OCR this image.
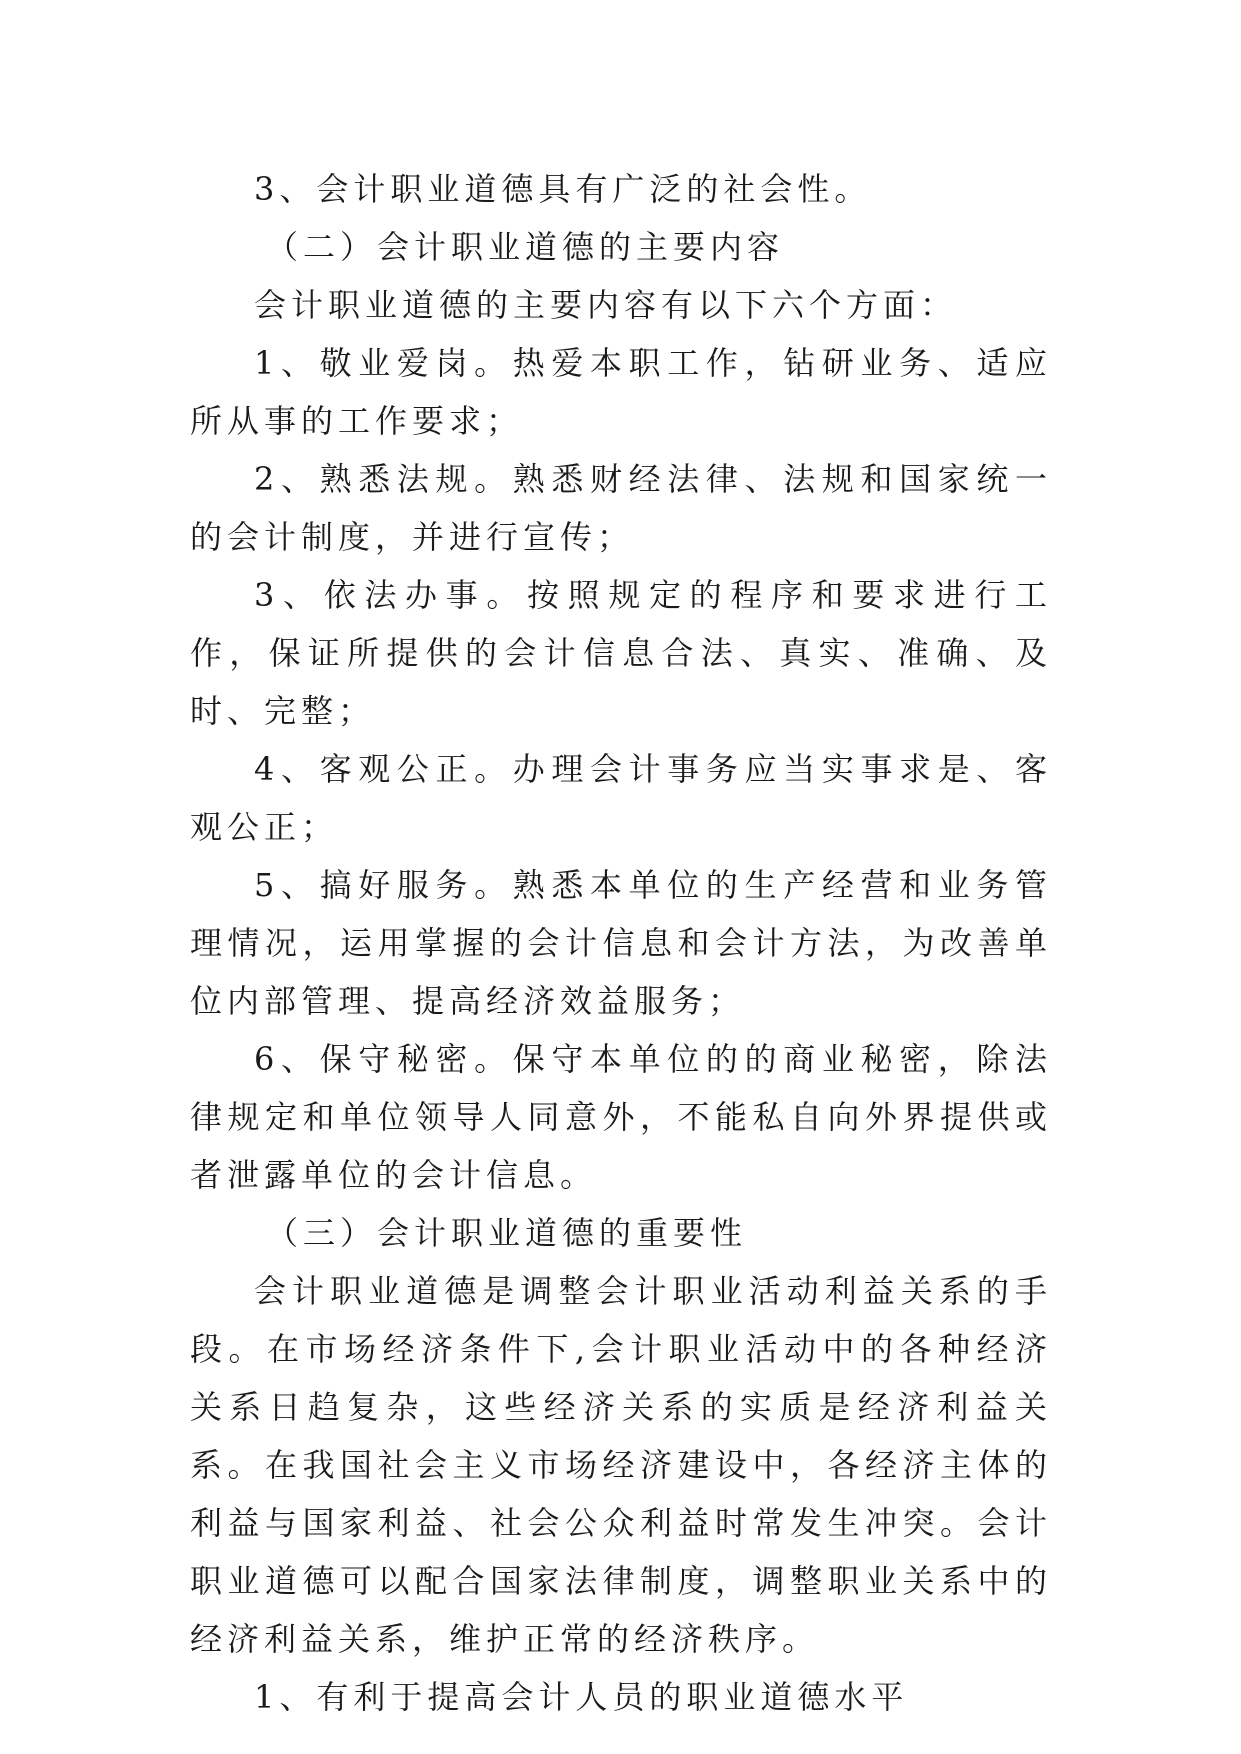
3、会计职业道德具有广泛的社会性。

（二）会计职业道德的主要内容

会计职业道德的主要内容有以下六个方面：

1、敬业爱岗。热爱本职工作，钻研业务、适应所从事的工作要求；

2、熟悉法规。熟悉财经法律、法规和国家统一的会计制度，并进行宣传；

3、依法办事。按照规定的程序和要求进行工作，保证所提供的会计信息合法、真实、准确、及时、完整；

4、客观公正。办理会计事务应当实事求是、客观公正；

5、搞好服务。熟悉本单位的生产经营和业务管理情况，运用掌握的会计信息和会计方法，为改善单位内部管理、提高经济效益服务；

6、保守秘密。保守本单位的的商业秘密，除法律规定和单位领导人同意外，不能私自向外界提供或者泄露单位的会计信息。

（三）会计职业道德的重要性

会计职业道德是调整会计职业活动利益关系的手段。在市场经济条件下,会计职业活动中的各种经济关系日趋复杂，这些经济关系的实质是经济利益关系。在我国社会主义市场经济建设中，各经济主体的利益与国家利益、社会公众利益时常发生冲突。会计职业道德可以配合国家法律制度，调整职业关系中的经济利益关系，维护正常的经济秩序。

1、有利于提高会计人员的职业道德水平
